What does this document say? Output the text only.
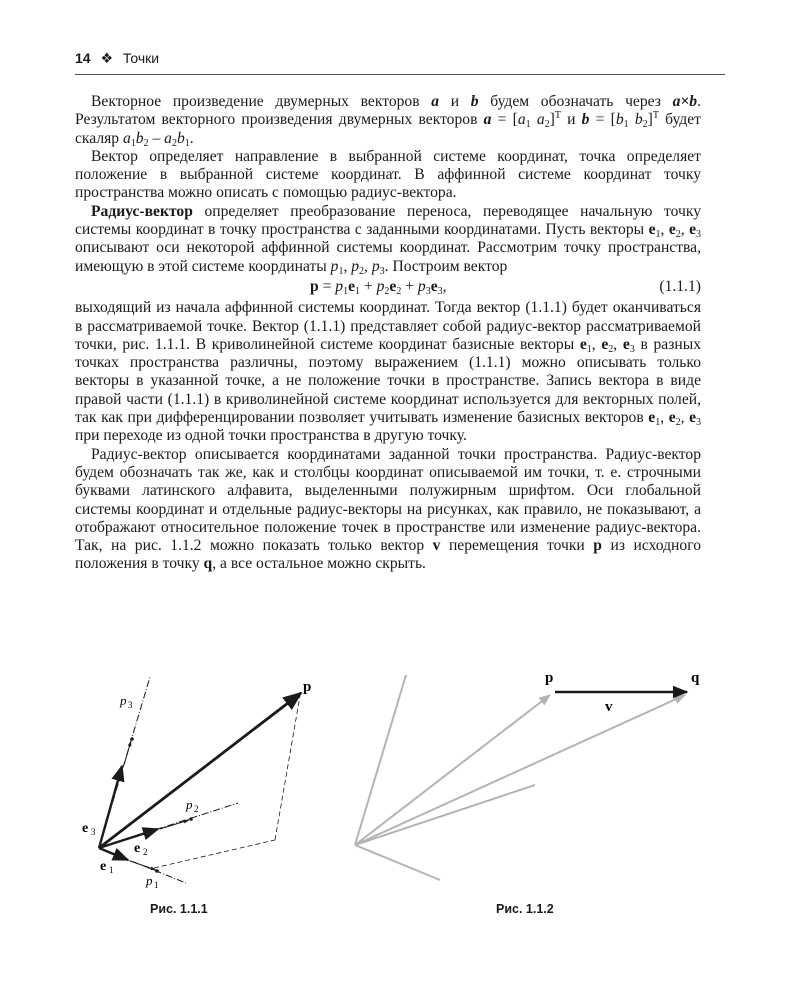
14 ❖ Точки

Векторное произведение двумерных векторов a и b будем обозначать через a×b. Результатом векторного произведения двумерных векторов $a = [a_1$ $a_2]^T$ и $b = [b_1$ $b_2]^T$ будет скаляр $a_1b_2 - a_2b_1$.

Вектор определяет направление в выбранной системе координат, точка определяет положение в выбранной системе координат. В аффинной системе координат точку пространства можно описать с помощью радиус-вектора.

Радиус-вектор определяет преобразование переноса, переводящее начальную точку системы координат в точку пространства с заданными координатами. Пусть векторы $e_1$, $e_2$, $e_3$ описывают оси некоторой аффинной системы координат. Рассмотрим точку пространства, имеющую в этой системе координаты $p_1$, $p_2$, $p_3$. Построим вектор

$p = p_1e_1 + p_2e_2 + p_3e_3$,	(1.1.1)

выходящий из начала аффинной системы координат. Тогда вектор (1.1.1) будет оканчиваться в рассматриваемой точке. Вектор (1.1.1) представляет собой радиус-вектор рассматриваемой точки, рис. 1.1.1. В криволинейной системе координат базисные векторы $e_1$, $e_2$, $e_3$ в разных точках пространства различны, поэтому выражением (1.1.1) можно описывать только векторы в указанной точке, а не положение точки в пространстве. Запись вектора в виде правой части (1.1.1) в криволинейной системе координат используется для векторных полей, так как при дифференцировании позволяет учитывать изменение базисных векторов $e_1$, $e_2$, $e_3$ при переходе из одной точки пространства в другую точку.

Радиус-вектор описывается координатами заданной точки пространства. Радиус-вектор будем обозначать так же, как и столбцы координат описываемой им точки, т. е. строчными буквами латинского алфавита, выделенными полужирным шрифтом. Оси глобальной системы координат и отдельные радиус-векторы на рисунках, как правило, не показывают, а отображают относительное положение точек в пространстве или изменение радиус-вектора. Так, на рис. 1.1.2 можно показать только вектор v перемещения точки p из исходного положения в точку q, а все остальное можно скрыть.

p
p 3
p 2
p 1
e 1
e 2
e 3
Рис. 1.1.1
p	q
v
Рис. 1.1.2
